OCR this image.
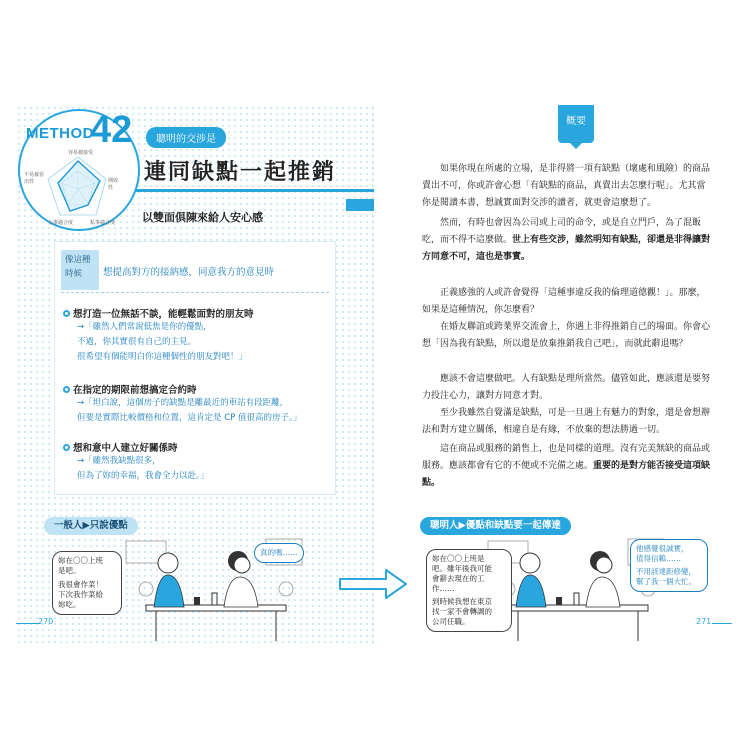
METHOD
42
容易被接受
期效性
私事適合度
公事適合度
不易被看出性
聰明的交涉是
連同缺點一起推銷
以雙面俱陳來給人安心感
像這種
時候	想提高對方的接納感，同意我方的意見時
想打造一位無話不談，能輕鬆面對的朋友時
→「雖然人們常說低焦是你的優點，
不過，你其實很有自己的主見。
很希望有個能明白你這種個性的朋友對吧！」
在指定的期限前想搞定合約時
→「坦白說，這個房子的缺點是離最近的車站有段距離，
但要是實際比較價格和位置，這肯定是 CP 值很高的房子。」
想和意中人建立好關係時
→「雖然我缺點很多，
但為了妳的幸福，我會全力以赴。」
一般人▶只說優點
妳在〇〇上班
是吧。
我很會作菜！
下次我作菜給
妳吃。
真的嗎……
270
概要
如果你現在所處的立場，是非得將一項有缺點（壞處和風險）的商品賣出不可，你或許會心想「有缺點的商品，真賣出去怎麼行呢」。尤其當你是閱讀本書，想誠實面對交涉的讀者，就更會這麼想了。
然而，有時也會因為公司或上司的命令，或是自立門戶，為了混飯吃，而不得不這麼做。世上有些交涉，雖然明知有缺點，卻還是非得讓對方同意不可，這也是事實。
正義感強的人或許會覺得「這種事違反我的倫理道德觀！」。那麼，如果是這種情況，你怎麼看？
在婚友聯誼或跨業界交流會上，你遇上非得推銷自己的場面。你會心想「因為我有缺點，所以還是放棄推銷我自己吧」，而就此辭退嗎？
應該不會這麼做吧。人有缺點是理所當然。儘管如此，應該還是要努力投注心力，讓對方同意才對。
至少我雖然自覺滿是缺點，可是一旦遇上有魅力的對象，還是會想辦法和對方建立關係，相違自是有緣，不放棄的想法勝過一切。
這在商品或服務的銷售上，也是同樣的道理。沒有完美無缺的商品或服務。應該都會有它的不便或不完備之處。重要的是對方能否接受這項缺點。
聰明人▶優點和缺點要一起傳達
妳在〇〇上班是
吧。雖年後我可能
會辭去現在的工
作……
到時候我想在東京
找一家不會轉調的
公司任職。
他感覺很誠實，
值得信賴……
不用該達距修變，
幫了我一個大忙。
271
